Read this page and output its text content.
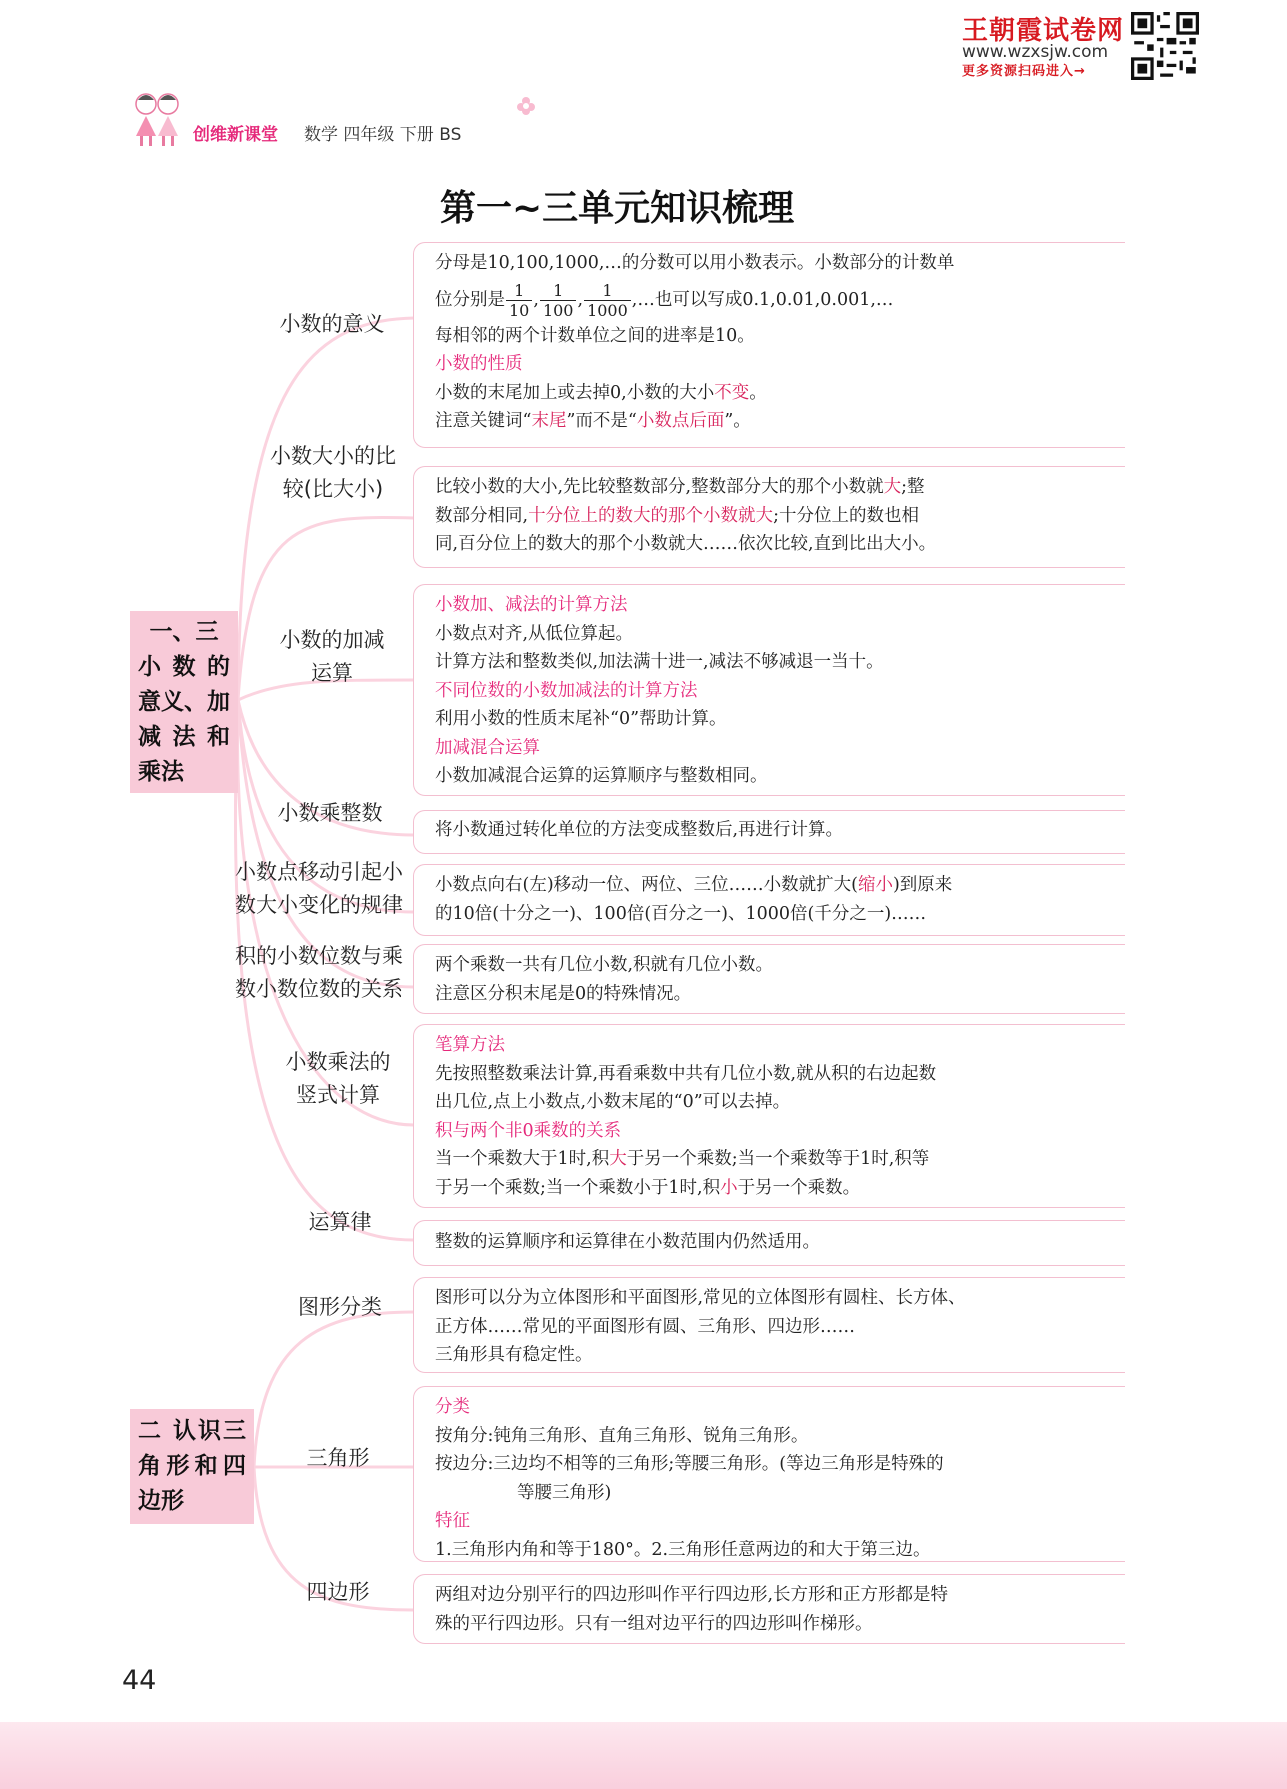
王朝霞试卷网
www.wzxsjw.com
更多资源扫码进入→
创维新课堂 数学 四年级 下册 BS
第一~三单元知识梳理
一、三
小 数 的
意义、加
减 法 和
乘法
二 认识三
角形和四
边形
小数的意义
小数大小的比
较(比大小)
小数的加减
运算
小数乘整数
小数点移动引起小
数大小变化的规律
积的小数位数与乘
数小数位数的关系
小数乘法的
竖式计算
运算律
图形分类
三角形
四边形

分母是10,100,1000,…的分数可以用小数表示。小数部分的计数单

位分别是 $\frac{1}{10}$ , $\frac{1}{100}$ , $\frac{1}{1000}$ ,…也可以写成0.1,0.01,0.001,…

每相邻的两个计数单位之间的进率是10。

小数的性质

小数的末尾加上或去掉0,小数的大小不变。

注意关键词“末尾”而不是“小数点后面”。

比较小数的大小,先比较整数部分,整数部分大的那个小数就大;整

数部分相同,十分位上的数大的那个小数就大;十分位上的数也相

同,百分位上的数大的那个小数就大……依次比较,直到比出大小。

小数加、减法的计算方法

小数点对齐,从低位算起。

计算方法和整数类似,加法满十进一,减法不够减退一当十。

不同位数的小数加减法的计算方法

利用小数的性质末尾补“0”帮助计算。

加减混合运算

小数加减混合运算的运算顺序与整数相同。

将小数通过转化单位的方法变成整数后,再进行计算。

小数点向右(左)移动一位、两位、三位……小数就扩大(缩小)到原来

的10倍(十分之一)、100倍(百分之一)、1000倍(千分之一)……

两个乘数一共有几位小数,积就有几位小数。

注意区分积末尾是0的特殊情况。

笔算方法

先按照整数乘法计算,再看乘数中共有几位小数,就从积的右边起数

出几位,点上小数点,小数末尾的“0”可以去掉。

积与两个非0乘数的关系

当一个乘数大于1时,积大于另一个乘数;当一个乘数等于1时,积等

于另一个乘数;当一个乘数小于1时,积小于另一个乘数。

整数的运算顺序和运算律在小数范围内仍然适用。

图形可以分为立体图形和平面图形,常见的立体图形有圆柱、长方体、

正方体……常见的平面图形有圆、三角形、四边形……

三角形具有稳定性。

分类

按角分:钝角三角形、直角三角形、锐角三角形。

按边分:三边均不相等的三角形;等腰三角形。(等边三角形是特殊的

等腰三角形)

特征

1.三角形内角和等于180°。2.三角形任意两边的和大于第三边。

两组对边分别平行的四边形叫作平行四边形,长方形和正方形都是特

殊的平行四边形。只有一组对边平行的四边形叫作梯形。

44
